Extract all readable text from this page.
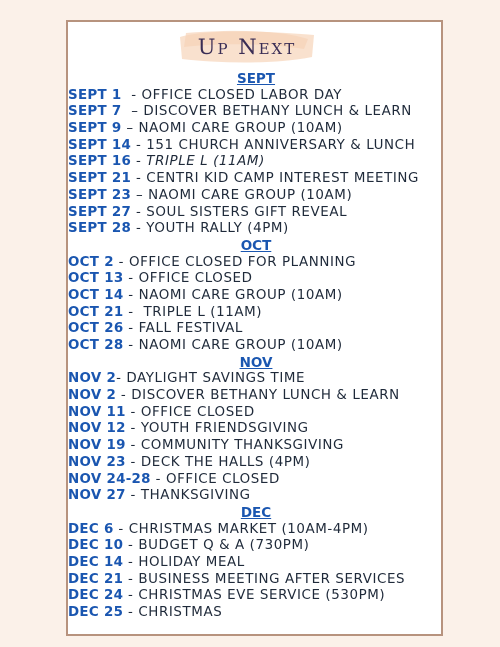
Up Next
SEPT
SEPT 1  - OFFICE CLOSED LABOR DAY
SEPT 7  – DISCOVER BETHANY LUNCH & LEARN
SEPT 9 – NAOMI CARE GROUP (10AM)
SEPT 14 - 151 CHURCH ANNIVERSARY & LUNCH
SEPT 16 - TRIPLE L (11AM)
SEPT 21 - CENTRI KID CAMP INTEREST MEETING
SEPT 23 – NAOMI CARE GROUP (10AM)
SEPT 27 - SOUL SISTERS GIFT REVEAL
SEPT 28 - YOUTH RALLY (4PM)
OCT
OCT 2 - OFFICE CLOSED FOR PLANNING
OCT 13 - OFFICE CLOSED
OCT 14 - NAOMI CARE GROUP (10AM)
OCT 21 -  TRIPLE L (11AM)
OCT 26 - FALL FESTIVAL
OCT 28 - NAOMI CARE GROUP (10AM)
NOV
NOV 2- DAYLIGHT SAVINGS TIME
NOV 2 - DISCOVER BETHANY LUNCH & LEARN
NOV 11 - OFFICE CLOSED
NOV 12 - YOUTH FRIENDSGIVING
NOV 19 - COMMUNITY THANKSGIVING
NOV 23 - DECK THE HALLS (4PM)
NOV 24-28 - OFFICE CLOSED
NOV 27 - THANKSGIVING
DEC
DEC 6 - CHRISTMAS MARKET (10AM-4PM)
DEC 10 - BUDGET Q & A (730PM)
DEC 14 - HOLIDAY MEAL
DEC 21 - BUSINESS MEETING AFTER SERVICES
DEC 24 - CHRISTMAS EVE SERVICE (530PM)
DEC 25 - CHRISTMAS
